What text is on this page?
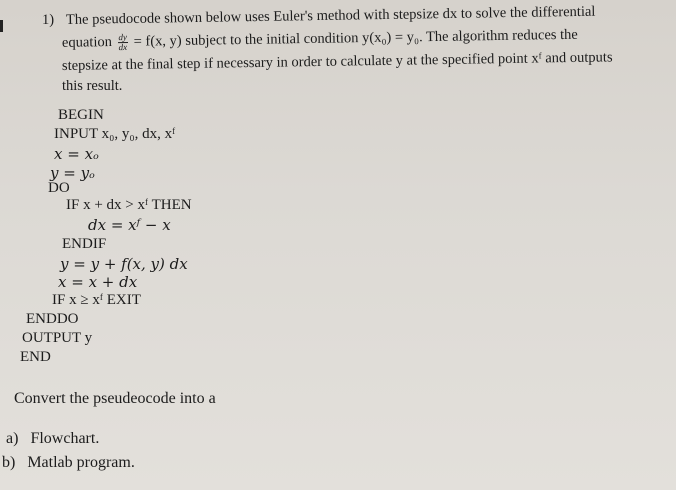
1) The pseudocode shown below uses Euler's method with stepsize dx to solve the differential
equation $\frac{dy}{dx} = f(x$, y) subject to the initial condition y(x₀) = y₀. The algorithm reduces the
stepsize at the final step if necessary in order to calculate y at the specified point xᶠ and outputs
this result.
BEGIN
INPUT x₀, y₀, dx, xᶠ
x = xₒ
y = yₒ
DO
IF x + dx > xᶠ THEN
dx = xᶠ − x
ENDIF
y = y + f(x, y) dx
x = x + dx
IF x ≥ xᶠ EXIT
ENDDO
OUTPUT y
END
Convert the pseudeocode into a
a) Flowchart.
b) Matlab program.
